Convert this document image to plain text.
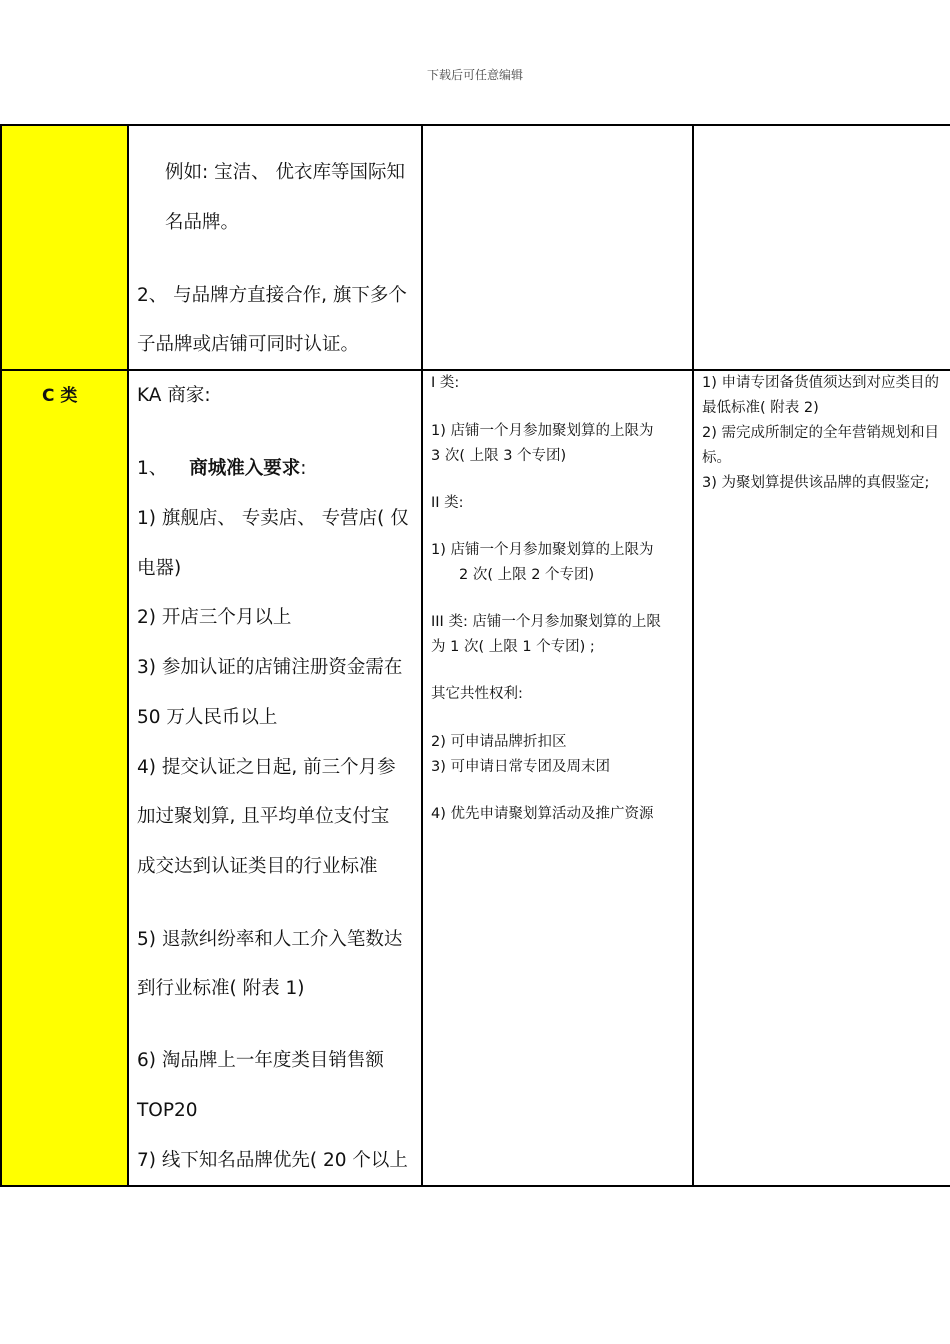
下载后可任意编辑
例如: 宝洁、 优衣库等国际知
名品牌。
2、 与品牌方直接合作, 旗下多个
子品牌或店铺可同时认证。
C 类	KA 商家:
1、 商城准入要求:
1) 旗舰店、 专卖店、 专营店( 仅
电器)
2) 开店三个月以上
3) 参加认证的店铺注册资金需在
50 万人民币以上
4) 提交认证之日起, 前三个月参
加过聚划算, 且平均单位支付宝
成交达到认证类目的行业标准
5) 退款纠纷率和人工介入笔数达
到行业标准( 附表 1)
6) 淘品牌上一年度类目销售额
TOP20
7) 线下知名品牌优先( 20 个以上
I 类:
1) 店铺一个月参加聚划算的上限为
3 次( 上限 3 个专团)
II 类:
1) 店铺一个月参加聚划算的上限为
2 次( 上限 2 个专团)
III 类: 店铺一个月参加聚划算的上限
为 1 次( 上限 1 个专团) ;
其它共性权利:
2) 可申请品牌折扣区
3) 可申请日常专团及周末团
4) 优先申请聚划算活动及推广资源
1) 申请专团备货值须达到对应类目的
最低标准( 附表 2)
2) 需完成所制定的全年营销规划和目
标。
3) 为聚划算提供该品牌的真假鉴定;
